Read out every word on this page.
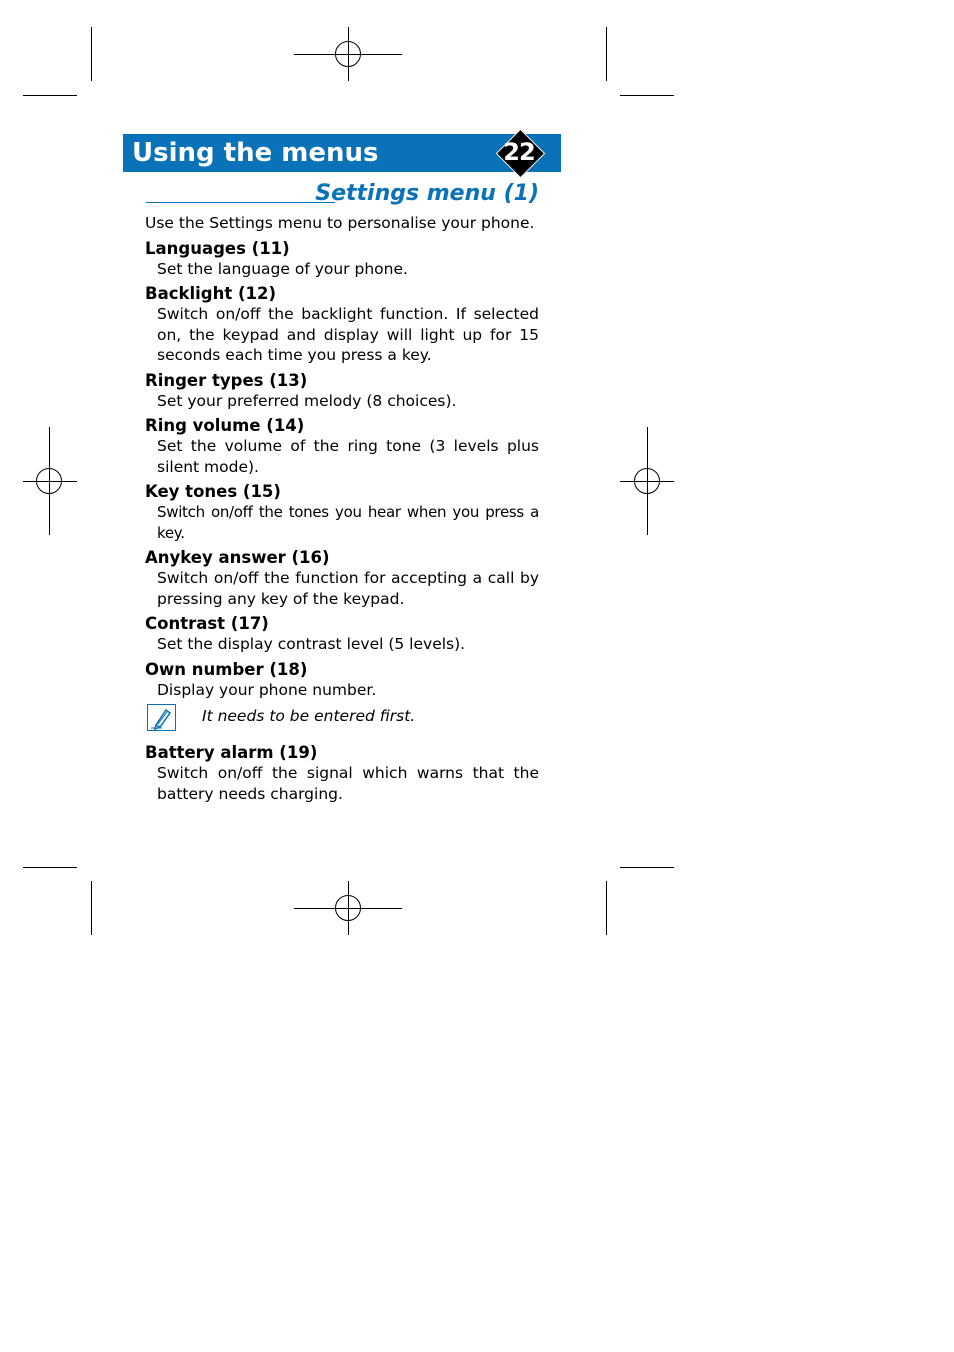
Using the menus	22
Settings menu (1)

Use the Settings menu to personalise your phone.

Languages (11)
Set the language of your phone.
Backlight (12)
Switch on/off the backlight function. If selected on, the keypad and display will light up for 15 seconds each time you press a key.
Ringer types (13)
Set your preferred melody (8 choices).
Ring volume (14)
Set the volume of the ring tone (3 levels plus silent mode).
Key tones (15)
Switch on/off the tones you hear when you press a key.
Anykey answer (16)
Switch on/off the function for accepting a call by pressing any key of the keypad.
Contrast (17)
Set the display contrast level (5 levels).
Own number (18)
Display your phone number.
It needs to be entered first.
Battery alarm (19)
Switch on/off the signal which warns that the battery needs charging.
